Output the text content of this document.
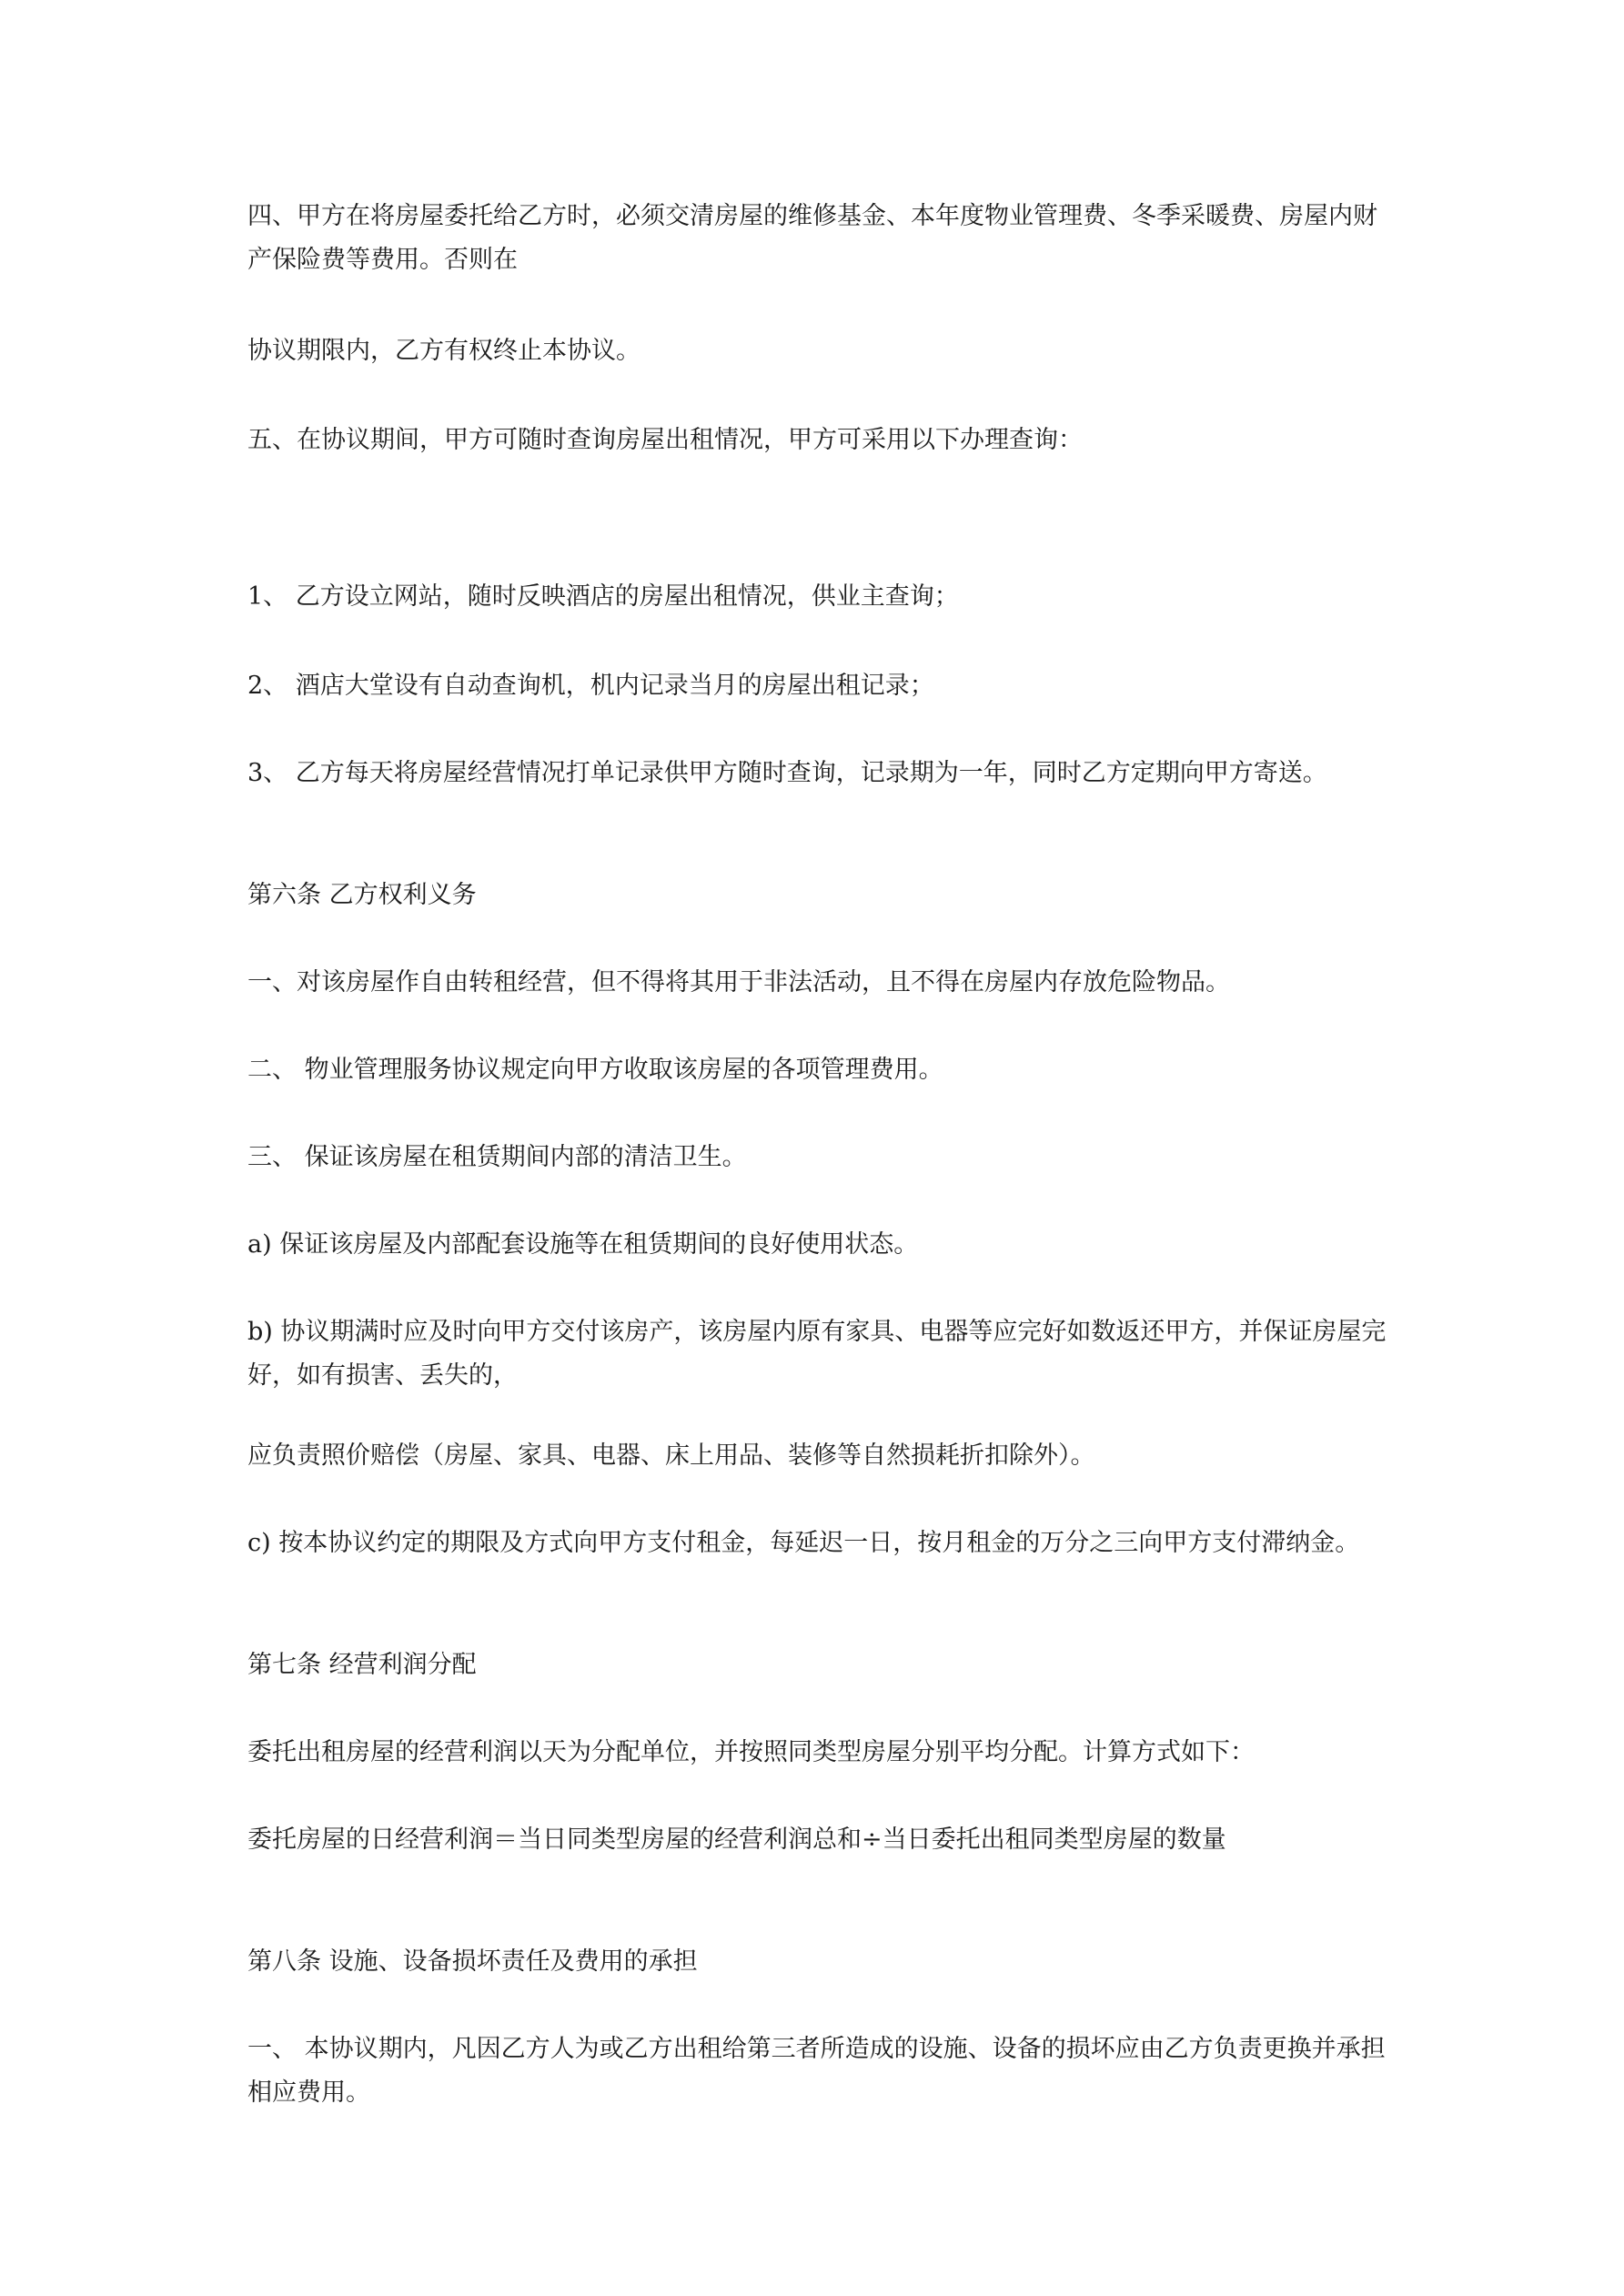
四、甲方在将房屋委托给乙方时，必须交清房屋的维修基金、本年度物业管理费、冬季采暖费、房屋内财产保险费等费用。否则在

协议期限内，乙方有权终止本协议。

五、在协议期间，甲方可随时查询房屋出租情况，甲方可采用以下办理查询：

1、 乙方设立网站，随时反映酒店的房屋出租情况，供业主查询；

2、 酒店大堂设有自动查询机，机内记录当月的房屋出租记录；

3、 乙方每天将房屋经营情况打单记录供甲方随时查询，记录期为一年，同时乙方定期向甲方寄送。

第六条 乙方权利义务

一、对该房屋作自由转租经营，但不得将其用于非法活动，且不得在房屋内存放危险物品。

二、 物业管理服务协议规定向甲方收取该房屋的各项管理费用。

三、 保证该房屋在租赁期间内部的清洁卫生。

a) 保证该房屋及内部配套设施等在租赁期间的良好使用状态。

b) 协议期满时应及时向甲方交付该房产，该房屋内原有家具、电器等应完好如数返还甲方，并保证房屋完好，如有损害、丢失的，

应负责照价赔偿（房屋、家具、电器、床上用品、装修等自然损耗折扣除外）。

c) 按本协议约定的期限及方式向甲方支付租金，每延迟一日，按月租金的万分之三向甲方支付滞纳金。

第七条 经营利润分配

委托出租房屋的经营利润以天为分配单位，并按照同类型房屋分别平均分配。计算方式如下：

委托房屋的日经营利润＝当日同类型房屋的经营利润总和÷当日委托出租同类型房屋的数量

第八条 设施、设备损坏责任及费用的承担

一、 本协议期内，凡因乙方人为或乙方出租给第三者所造成的设施、设备的损坏应由乙方负责更换并承担相应费用。
